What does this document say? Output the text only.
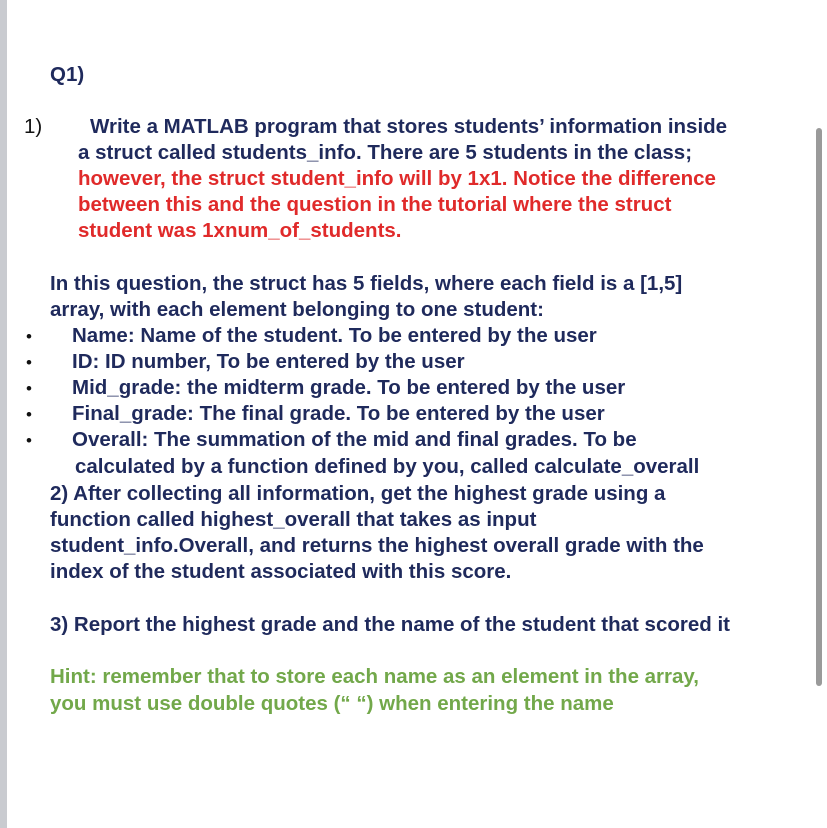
Q1)
1) Write a MATLAB program that stores students’ information inside
a struct called students_info. There are 5 students in the class;
however, the struct student_info will by 1x1. Notice the difference
between this and the question in the tutorial where the struct
student was 1xnum_of_students.
In this question, the struct has 5 fields, where each field is a [1,5]
array, with each element belonging to one student:
• Name: Name of the student. To be entered by the user
• ID: ID number, To be entered by the user
• Mid_grade: the midterm grade. To be entered by the user
• Final_grade: The final grade. To be entered by the user
• Overall: The summation of the mid and final grades. To be
calculated by a function defined by you, called calculate_overall
2) After collecting all information, get the highest grade using a
function called highest_overall that takes as input
student_info.Overall, and returns the highest overall grade with the
index of the student associated with this score.
3) Report the highest grade and the name of the student that scored it
Hint: remember that to store each name as an element in the array,
you must use double quotes (“ “) when entering the name
